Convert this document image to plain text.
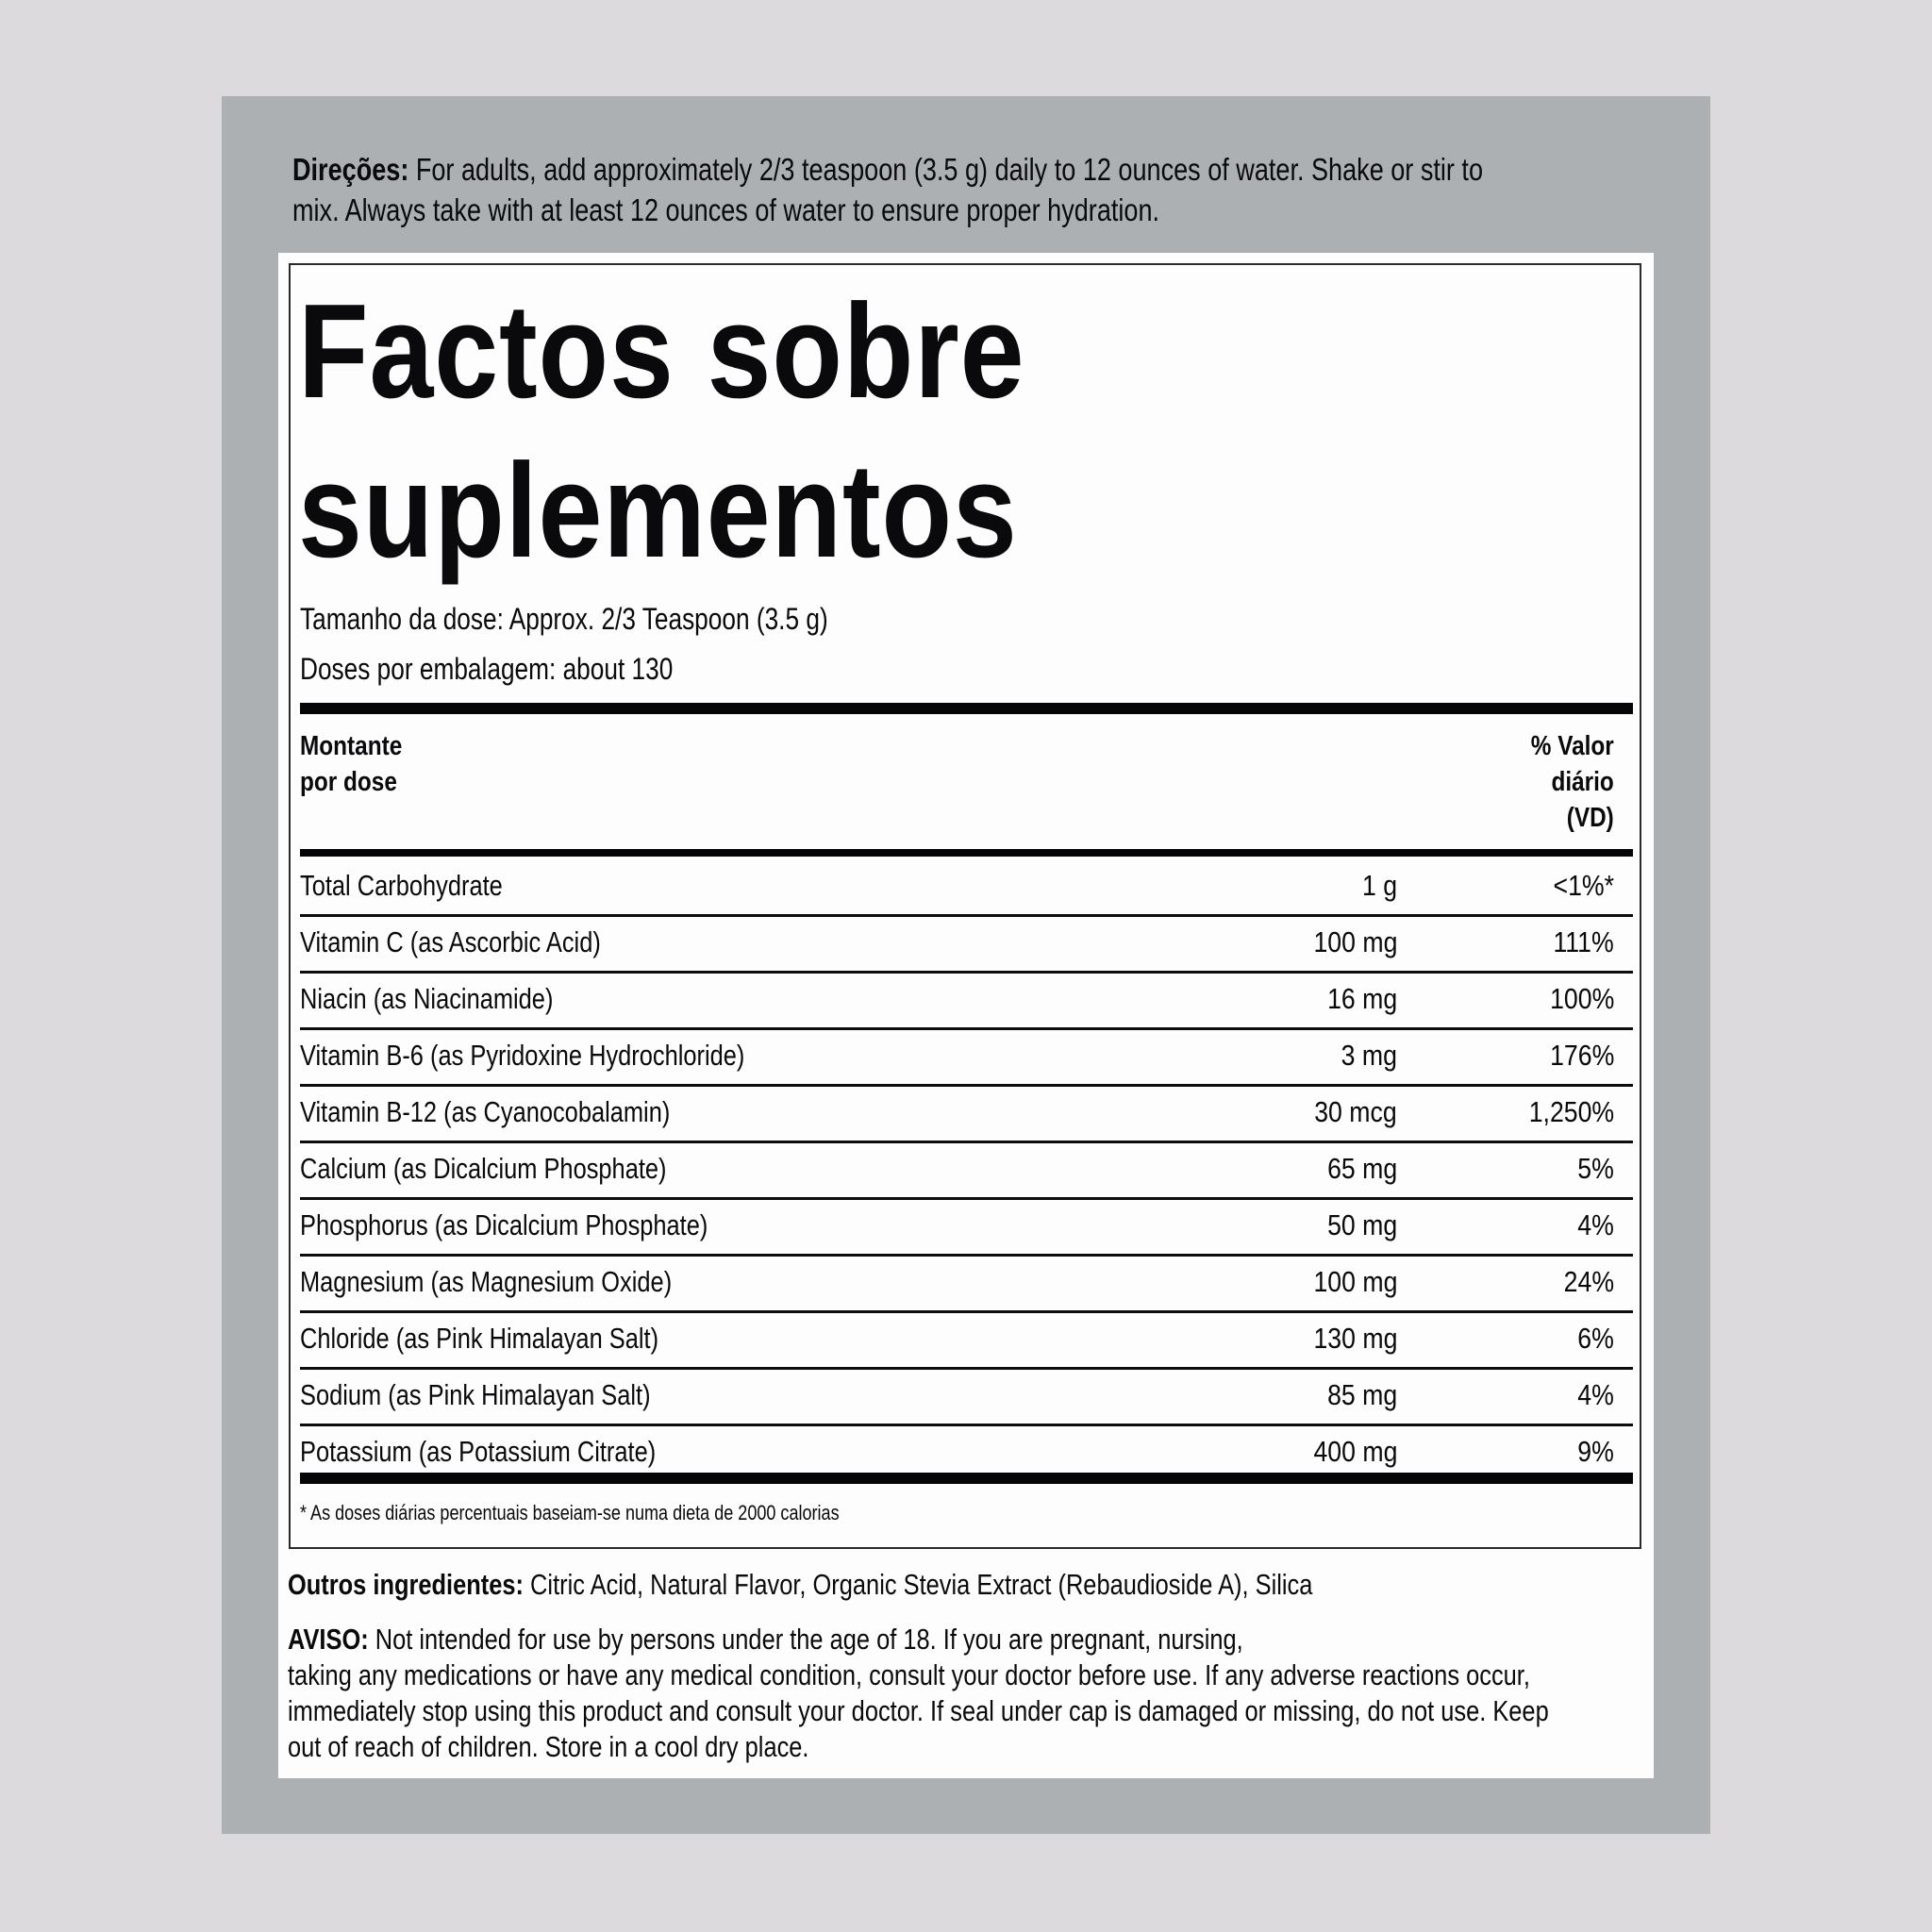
Direções: For adults, add approximately 2/3 teaspoon (3.5 g) daily to 12 ounces of water. Shake or stir to
mix. Always take with at least 12 ounces of water to ensure proper hydration.
Factos sobre
suplementos
Tamanho da dose: Approx. 2/3 Teaspoon (3.5 g)
Doses por embalagem: about 130
Montante
por dose
% Valor
diário
(VD)
Total Carbohydrate	1 g	<1%*
Vitamin C (as Ascorbic Acid)	100 mg	111%
Niacin (as Niacinamide)	16 mg	100%
Vitamin B-6 (as Pyridoxine Hydrochloride)	3 mg	176%
Vitamin B-12 (as Cyanocobalamin)	30 mcg	1,250%
Calcium (as Dicalcium Phosphate)	65 mg	5%
Phosphorus (as Dicalcium Phosphate)	50 mg	4%
Magnesium (as Magnesium Oxide)	100 mg	24%
Chloride (as Pink Himalayan Salt)	130 mg	6%
Sodium (as Pink Himalayan Salt)	85 mg	4%
Potassium (as Potassium Citrate)	400 mg	9%
* As doses diárias percentuais baseiam-se numa dieta de 2000 calorias
Outros ingredientes: Citric Acid, Natural Flavor, Organic Stevia Extract (Rebaudioside A), Silica
AVISO: Not intended for use by persons under the age of 18. If you are pregnant, nursing,
taking any medications or have any medical condition, consult your doctor before use. If any adverse reactions occur,
immediately stop using this product and consult your doctor. If seal under cap is damaged or missing, do not use. Keep
out of reach of children. Store in a cool dry place.
